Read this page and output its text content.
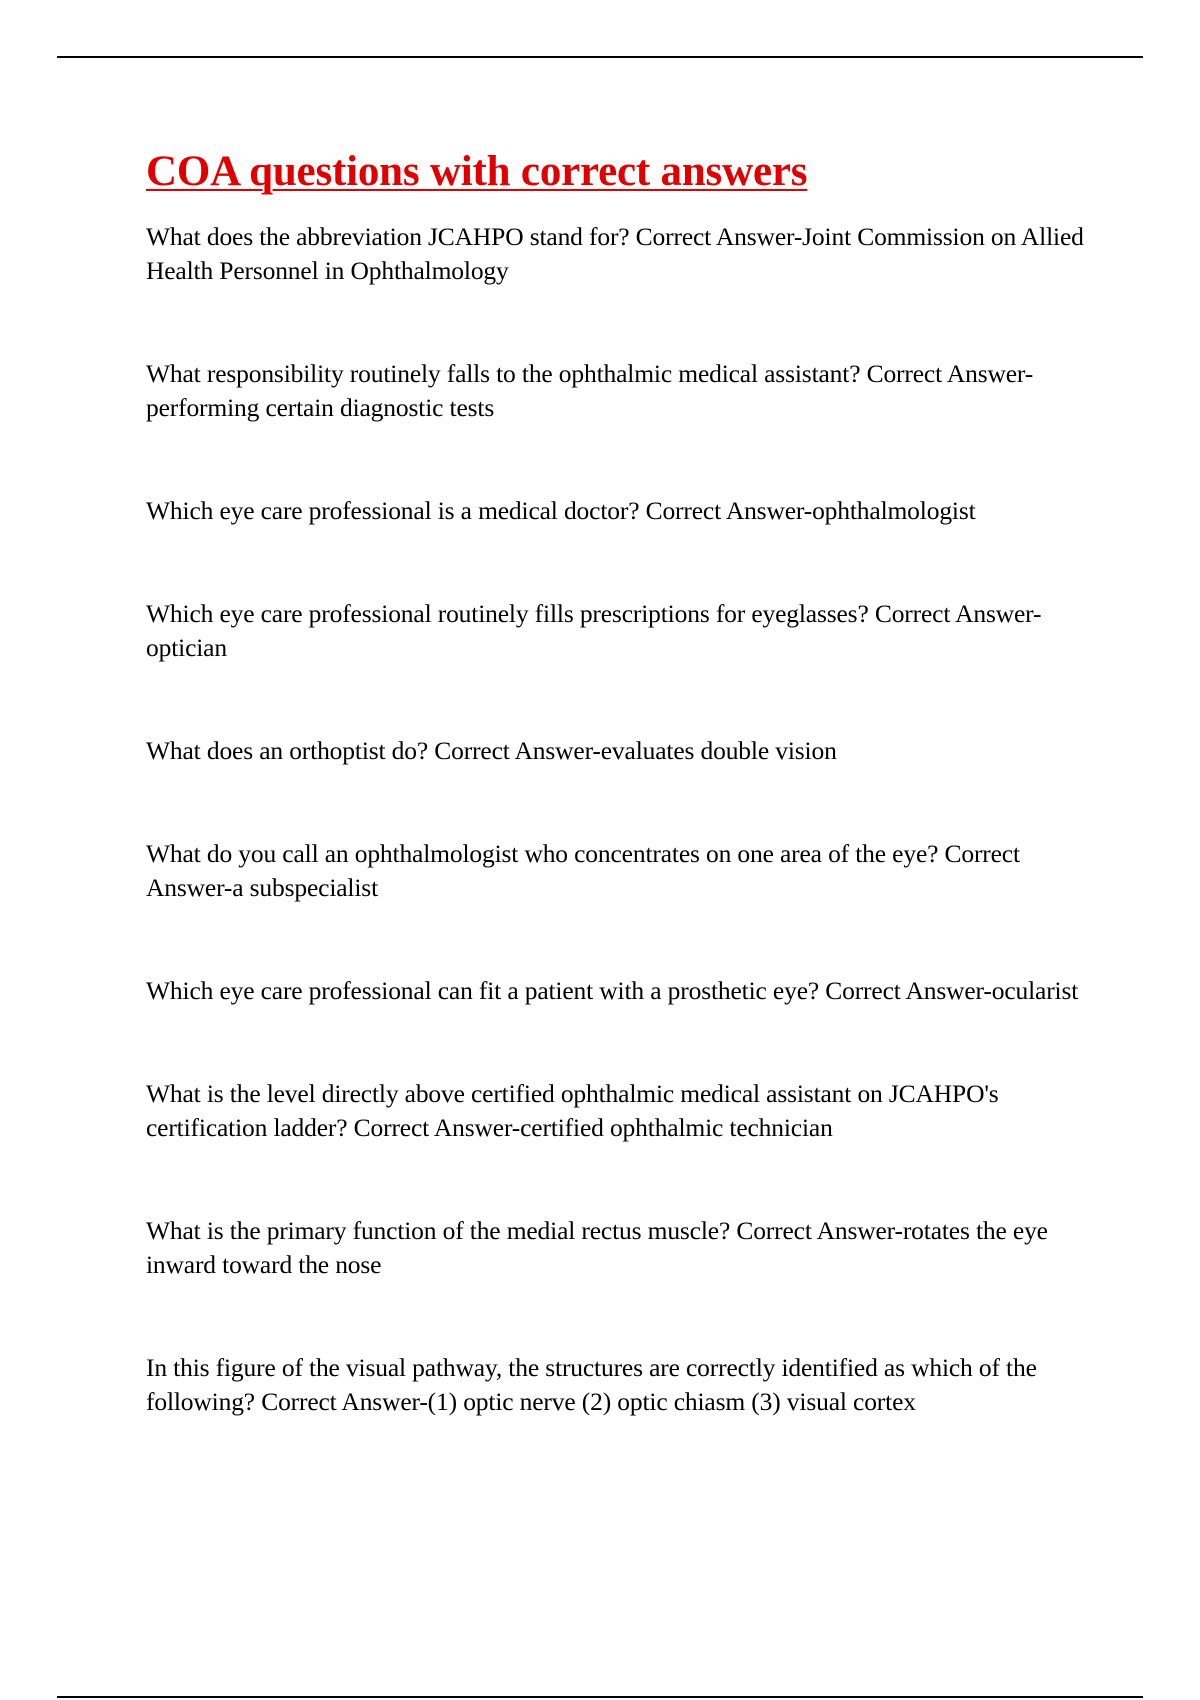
COA questions with correct answers
What does the abbreviation JCAHPO stand for? Correct Answer-Joint Commission on Allied Health Personnel in Ophthalmology
What responsibility routinely falls to the ophthalmic medical assistant? Correct Answer-performing certain diagnostic tests
Which eye care professional is a medical doctor? Correct Answer-ophthalmologist
Which eye care professional routinely fills prescriptions for eyeglasses? Correct Answer-optician
What does an orthoptist do? Correct Answer-evaluates double vision
What do you call an ophthalmologist who concentrates on one area of the eye? Correct Answer-a subspecialist
Which eye care professional can fit a patient with a prosthetic eye? Correct Answer-ocularist
What is the level directly above certified ophthalmic medical assistant on JCAHPO's certification ladder? Correct Answer-certified ophthalmic technician
What is the primary function of the medial rectus muscle? Correct Answer-rotates the eye inward toward the nose
In this figure of the visual pathway, the structures are correctly identified as which of the following? Correct Answer-(1) optic nerve (2) optic chiasm (3) visual cortex
